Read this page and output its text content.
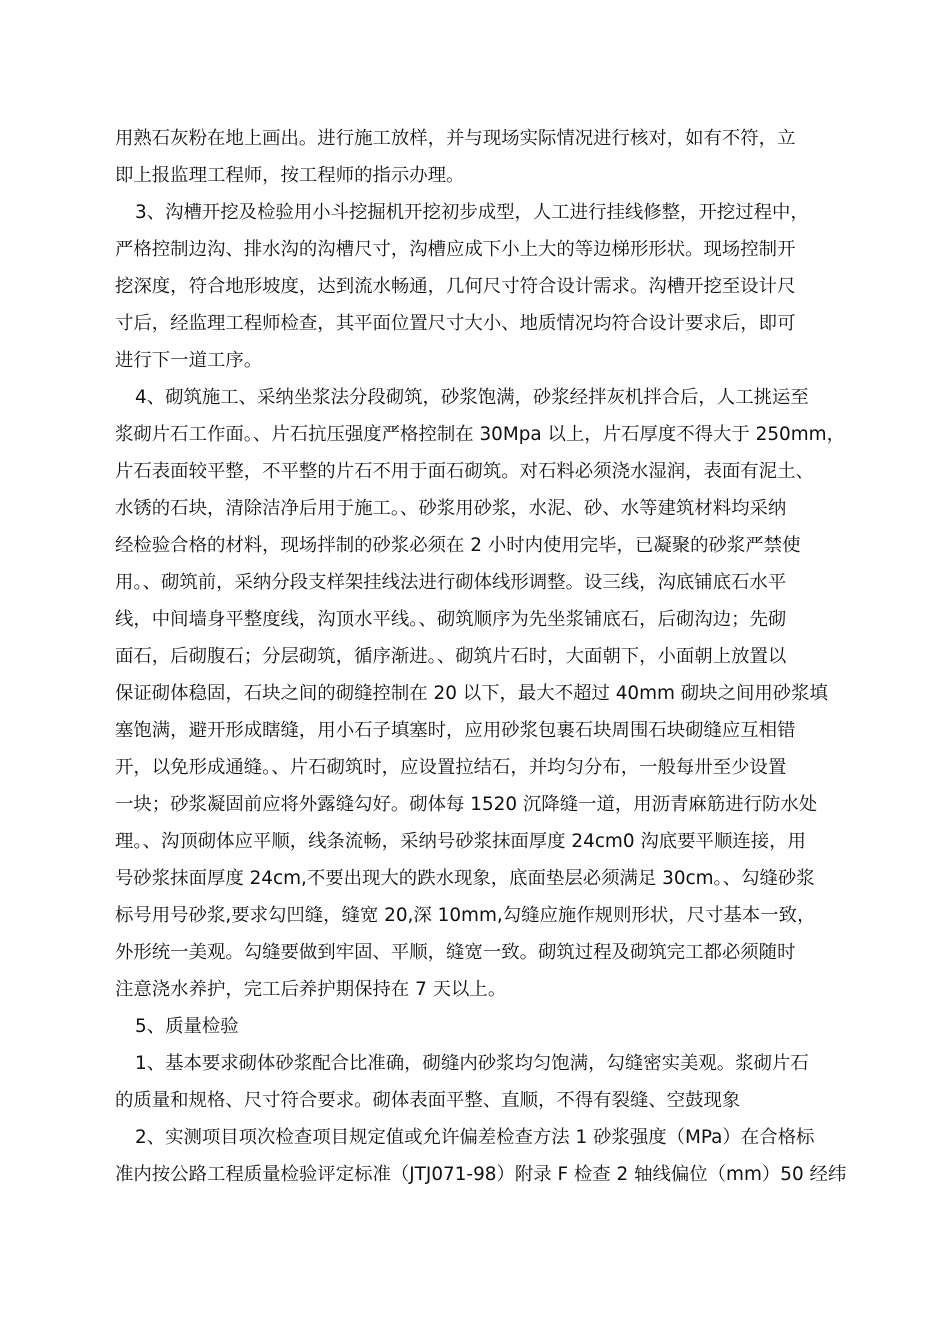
用熟石灰粉在地上画出。进行施工放样，并与现场实际情况进行核对，如有不符，立
即上报监理工程师，按工程师的指示办理。
3、沟槽开挖及检验用小斗挖掘机开挖初步成型，人工进行挂线修整，开挖过程中，
严格控制边沟、排水沟的沟槽尺寸，沟槽应成下小上大的等边梯形形状。现场控制开
挖深度，符合地形坡度，达到流水畅通，几何尺寸符合设计需求。沟槽开挖至设计尺
寸后，经监理工程师检查，其平面位置尺寸大小、地质情况均符合设计要求后，即可
进行下一道工序。
4、砌筑施工、采纳坐浆法分段砌筑，砂浆饱满，砂浆经拌灰机拌合后，人工挑运至
浆砌片石工作面。、片石抗压强度严格控制在 30Mpa 以上，片石厚度不得大于 250mm，
片石表面较平整，不平整的片石不用于面石砌筑。对石料必须浇水湿润，表面有泥土、
水锈的石块，清除洁净后用于施工。、砂浆用砂浆，水泥、砂、水等建筑材料均采纳
经检验合格的材料，现场拌制的砂浆必须在 2 小时内使用完毕，已凝聚的砂浆严禁使
用。、砌筑前，采纳分段支样架挂线法进行砌体线形调整。设三线，沟底铺底石水平
线，中间墙身平整度线，沟顶水平线。、砌筑顺序为先坐浆铺底石，后砌沟边；先砌
面石，后砌腹石；分层砌筑，循序渐进。、砌筑片石时，大面朝下，小面朝上放置以
保证砌体稳固，石块之间的砌缝控制在 20 以下，最大不超过 40mm 砌块之间用砂浆填
塞饱满，避开形成瞎缝，用小石子填塞时，应用砂浆包裹石块周围石块砌缝应互相错
开，以免形成通缝。、片石砌筑时，应设置拉结石，并均匀分布，一般每卅至少设置
一块；砂浆凝固前应将外露缝勾好。砌体每 1520 沉降缝一道，用沥青麻筋进行防水处
理。、沟顶砌体应平顺，线条流畅，采纳号砂浆抹面厚度 24cm0 沟底要平顺连接，用
号砂浆抹面厚度 24cm,不要出现大的跌水现象，底面垫层必须满足 30cm。、勾缝砂浆
标号用号砂浆,要求勾凹缝，缝宽 20,深 10mm,勾缝应施作规则形状，尺寸基本一致，
外形统一美观。勾缝要做到牢固、平顺，缝宽一致。砌筑过程及砌筑完工都必须随时
注意浇水养护，完工后养护期保持在 7 天以上。
5、质量检验
1、基本要求砌体砂浆配合比准确，砌缝内砂浆均匀饱满，勾缝密实美观。浆砌片石
的质量和规格、尺寸符合要求。砌体表面平整、直顺，不得有裂缝、空鼓现象
2、实测项目项次检查项目规定值或允许偏差检查方法 1 砂浆强度（MPa）在合格标
准内按公路工程质量检验评定标准（JTJ071-98）附录 F 检查 2 轴线偏位（mm）50 经纬
